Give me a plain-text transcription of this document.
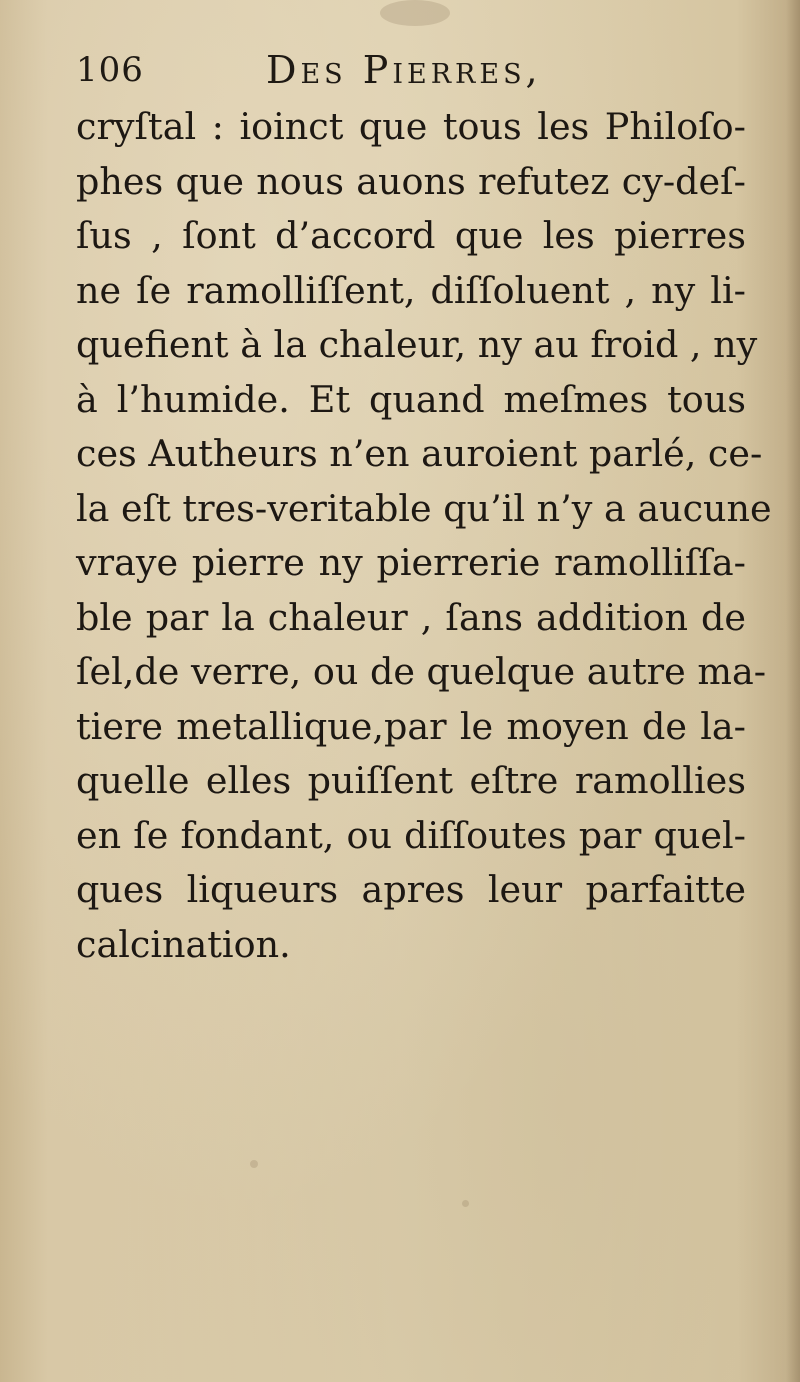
106	Des Pierres,
cryſtal : ioinct que tous les Philoſo-
phes que nous auons refutez cy-deſ-
ſus , ſont d’accord que les pierres
ne ſe ramolliſſent, diſſoluent , ny li-
quefient à la chaleur, ny au froid , ny
à l’humide. Et quand meſmes tous
ces Autheurs n’en auroient parlé, ce-
la eſt tres-veritable qu’il n’y a aucune
vraye pierre ny pierrerie ramolliſſa-
ble par la chaleur , ſans addition de
ſel,de verre, ou de quelque autre ma-
tiere metallique,par le moyen de la-
quelle elles puiſſent eſtre ramollies
en ſe fondant, ou diſſoutes par quel-
ques liqueurs apres leur parfaitte
calcination.
